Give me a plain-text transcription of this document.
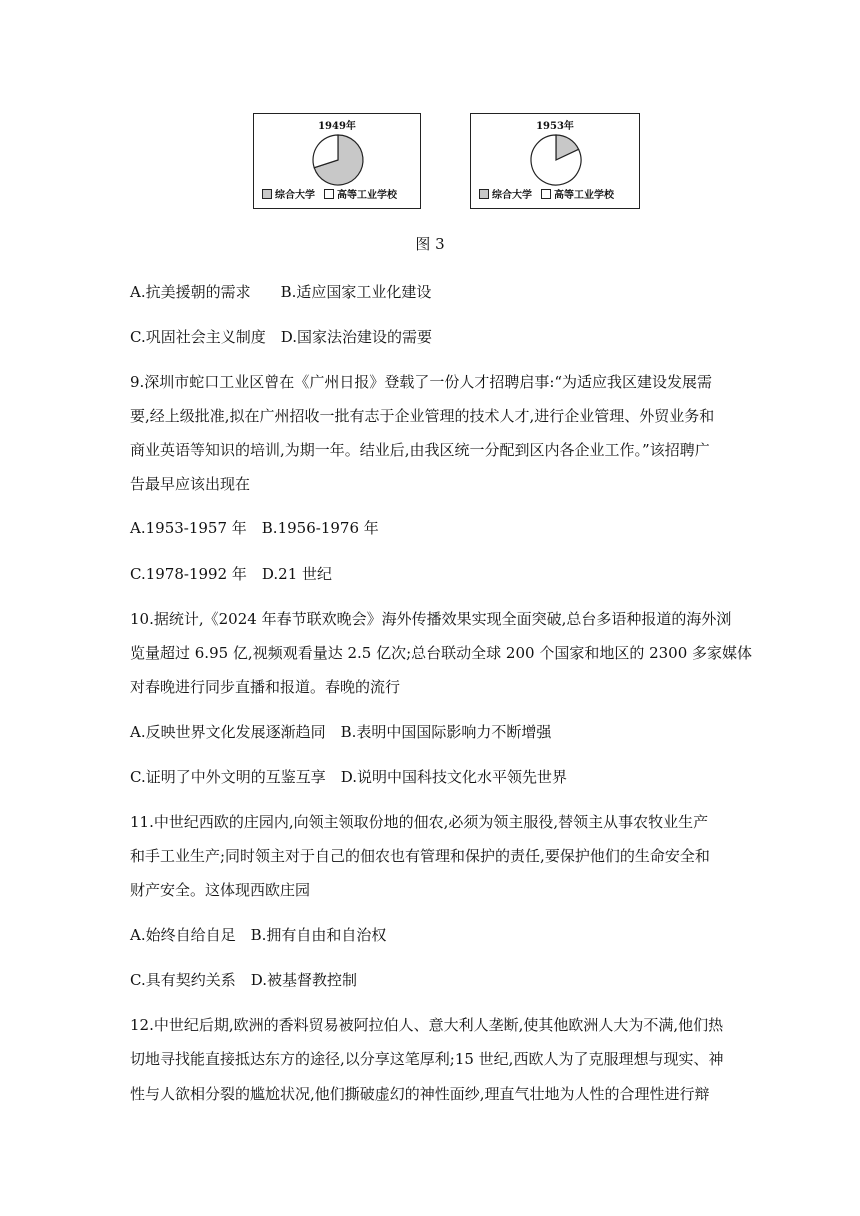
1949年
综合大学 高等工业学校
1953年
综合大学 高等工业学校
图 3
A.抗美援朝的需求　　B.适应国家工业化建设
C.巩固社会主义制度　D.国家法治建设的需要
9.深圳市蛇口工业区曾在《广州日报》登载了一份人才招聘启事:“为适应我区建设发展需
要,经上级批准,拟在广州招收一批有志于企业管理的技术人才,进行企业管理、外贸业务和
商业英语等知识的培训,为期一年。结业后,由我区统一分配到区内各企业工作。”该招聘广
告最早应该出现在
A.1953-1957 年　B.1956-1976 年
C.1978-1992 年　D.21 世纪
10.据统计,《2024 年春节联欢晚会》海外传播效果实现全面突破,总台多语种报道的海外浏
览量超过 6.95 亿,视频观看量达 2.5 亿次;总台联动全球 200 个国家和地区的 2300 多家媒体
对春晚进行同步直播和报道。春晚的流行
A.反映世界文化发展逐渐趋同　B.表明中国国际影响力不断增强
C.证明了中外文明的互鉴互享　D.说明中国科技文化水平领先世界
11.中世纪西欧的庄园内,向领主领取份地的佃农,必须为领主服役,替领主从事农牧业生产
和手工业生产;同时领主对于自己的佃农也有管理和保护的责任,要保护他们的生命安全和
财产安全。这体现西欧庄园
A.始终自给自足　B.拥有自由和自治权
C.具有契约关系　D.被基督教控制
12.中世纪后期,欧洲的香料贸易被阿拉伯人、意大利人垄断,使其他欧洲人大为不满,他们热
切地寻找能直接抵达东方的途径,以分享这笔厚利;15 世纪,西欧人为了克服理想与现实、神
性与人欲相分裂的尴尬状况,他们撕破虚幻的神性面纱,理直气壮地为人性的合理性进行辩
